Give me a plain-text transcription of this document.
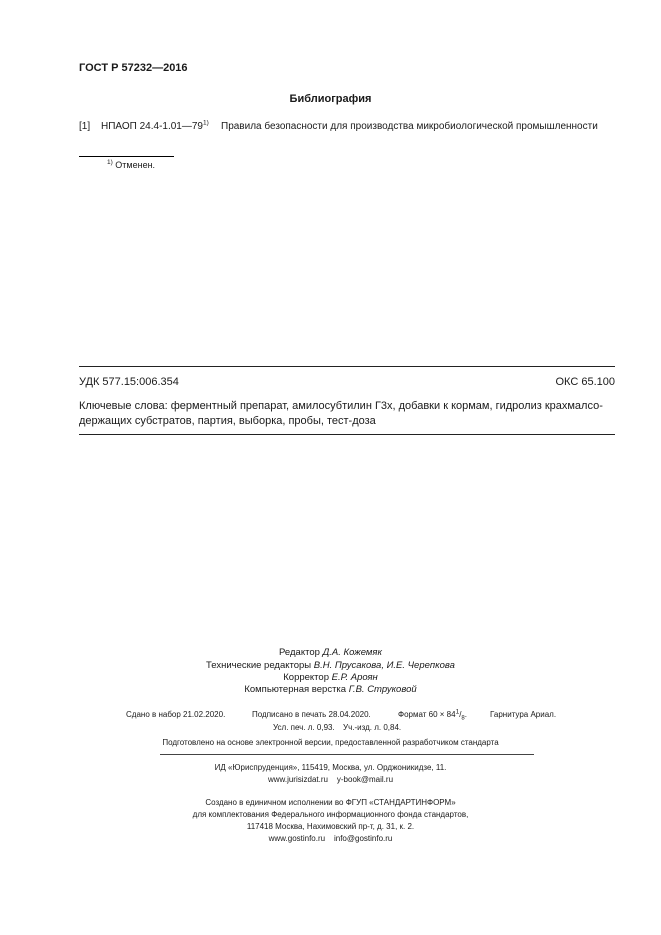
ГОСТ Р 57232—2016
Библиография
[1] НПАОП 24.4-1.01—79$^{1)}$ Правила безопасности для производства микробиологической промышленности
$^{1)}$ Отменен.
УДК 577.15:006.354	ОКС 65.100
Ключевые слова: ферментный препарат, амилосубтилин Г3х, добавки к кормам, гидролиз крахмалсо-держащих субстратов, партия, выборка, пробы, тест-доза
Редактор Д.А. Кожемяк
Технические редакторы В.Н. Прусакова, И.Е. Черепкова
Корректор Е.Р. Ароян
Компьютерная верстка Г.В. Струковой
Сдано в набор 21.02.2020.	Подписано в печать 28.04.2020.	Формат $60 \times 84^1/_8$.	Гарнитура Ариал.
Усл. печ. л. 0,93. Уч.-изд. л. 0,84.
Подготовлено на основе электронной версии, предоставленной разработчиком стандарта
ИД «Юриспруденция», 115419, Москва, ул. Орджоникидзе, 11.
www.jurisizdat.ru y-book@mail.ru
Создано в единичном исполнении во ФГУП «СТАНДАРТИНФОРМ»
для комплектования Федерального информационного фонда стандартов,
117418 Москва, Нахимовский пр-т, д. 31, к. 2.
www.gostinfo.ru info@gostinfo.ru
